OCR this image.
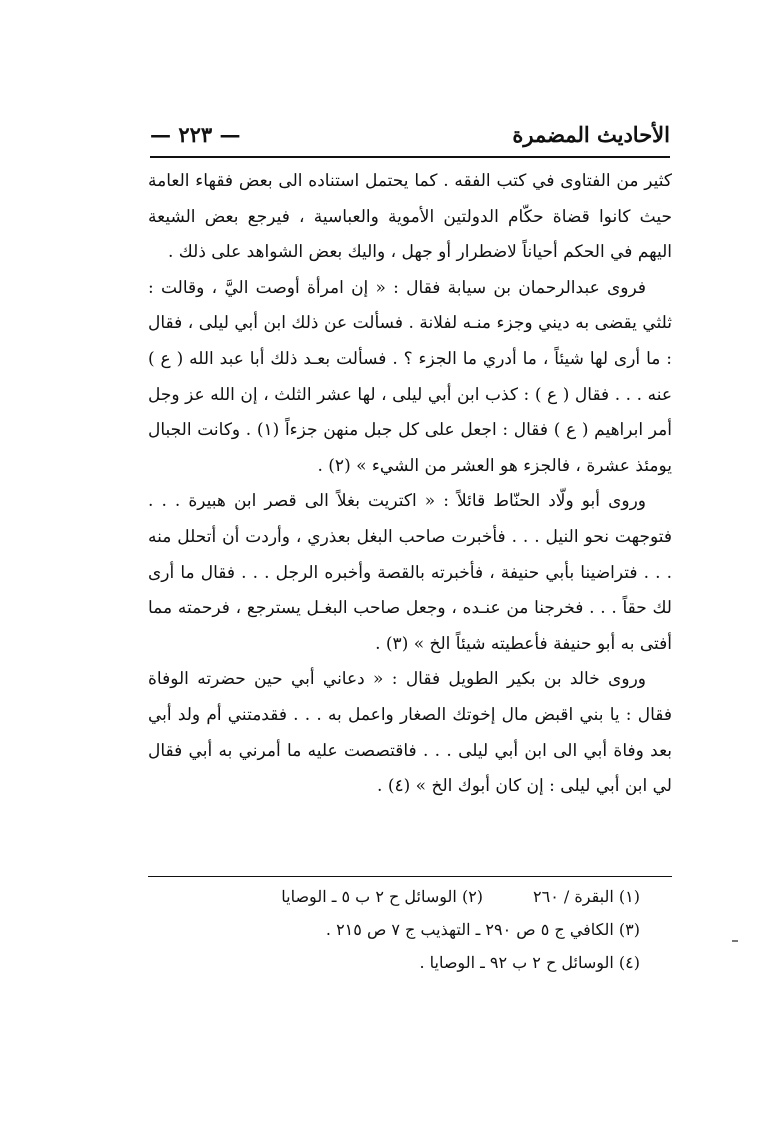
الأحاديث المضمرة
— ٢٢٣ —

كثير من الفتاوى في كتب الفقه . كما يحتمل استناده الى بعض فقهاء العامة حيث كانوا قضاة حكّام الدولتين الأموية والعباسية ، فيرجع بعض الشيعة اليهم في الحكم أحياناً لاضطرار أو جهل ، واليك بعض الشواهد على ذلك .

فروى عبدالرحمان بن سيابة فقال : « إن امرأة أوصت اليَّ ، وقالت : ثلثي يقضى به ديني وجزء منـه لفلانة . فسألت عن ذلك ابن أبي ليلى ، فقال : ما أرى لها شيئاً ، ما أدري ما الجزء ؟ . فسألت بعـد ذلك أبا عبد الله ( ع ) عنه . . . فقال ( ع ) : كذب ابن أبي ليلى ، لها عشر الثلث ، إن الله عز وجل أمر ابراهيم ( ع ) فقال : اجعل على كل جبل منهن جزءاً (١) . وكانت الجبال يومئذ عشرة ، فالجزء هو العشر من الشيء » (٢) .

وروى أبو ولّاد الحنّاط قائلاً : « اكتريت بغلاً الى قصر ابن هبيرة . . . فتوجهت نحو النيل . . . فأخبرت صاحب البغل بعذري ، وأردت أن أتحلل منه . . . فتراضينا بأبي حنيفة ، فأخبرته بالقصة وأخبره الرجل . . . فقال ما أرى لك حقاً . . . فخرجنا من عنـده ، وجعل صاحب البغـل يسترجع ، فرحمته مما أفتى به أبو حنيفة فأعطيته شيئاً الخ » (٣) .

وروى خالد بن بكير الطويل فقال : « دعاني أبي حين حضرته الوفاة فقال : يا بني اقبض مال إخوتك الصغار واعمل به . . . فقدمتني أم ولد أبي بعد وفاة أبي الى ابن أبي ليلى . . . فاقتصصت عليه ما أمرني به أبي فقال لي ابن أبي ليلى : إن كان أبوك الخ » (٤) .

(١) البقرة / ٢٦٠
(٢) الوسائل ح ٢ ب ٥ ـ الوصايا
(٣) الكافي ج ٥ ص ٢٩٠ ـ التهذيب ج ٧ ص ٢١٥ .
(٤) الوسائل ح ٢ ب ٩٢ ـ الوصايا .
